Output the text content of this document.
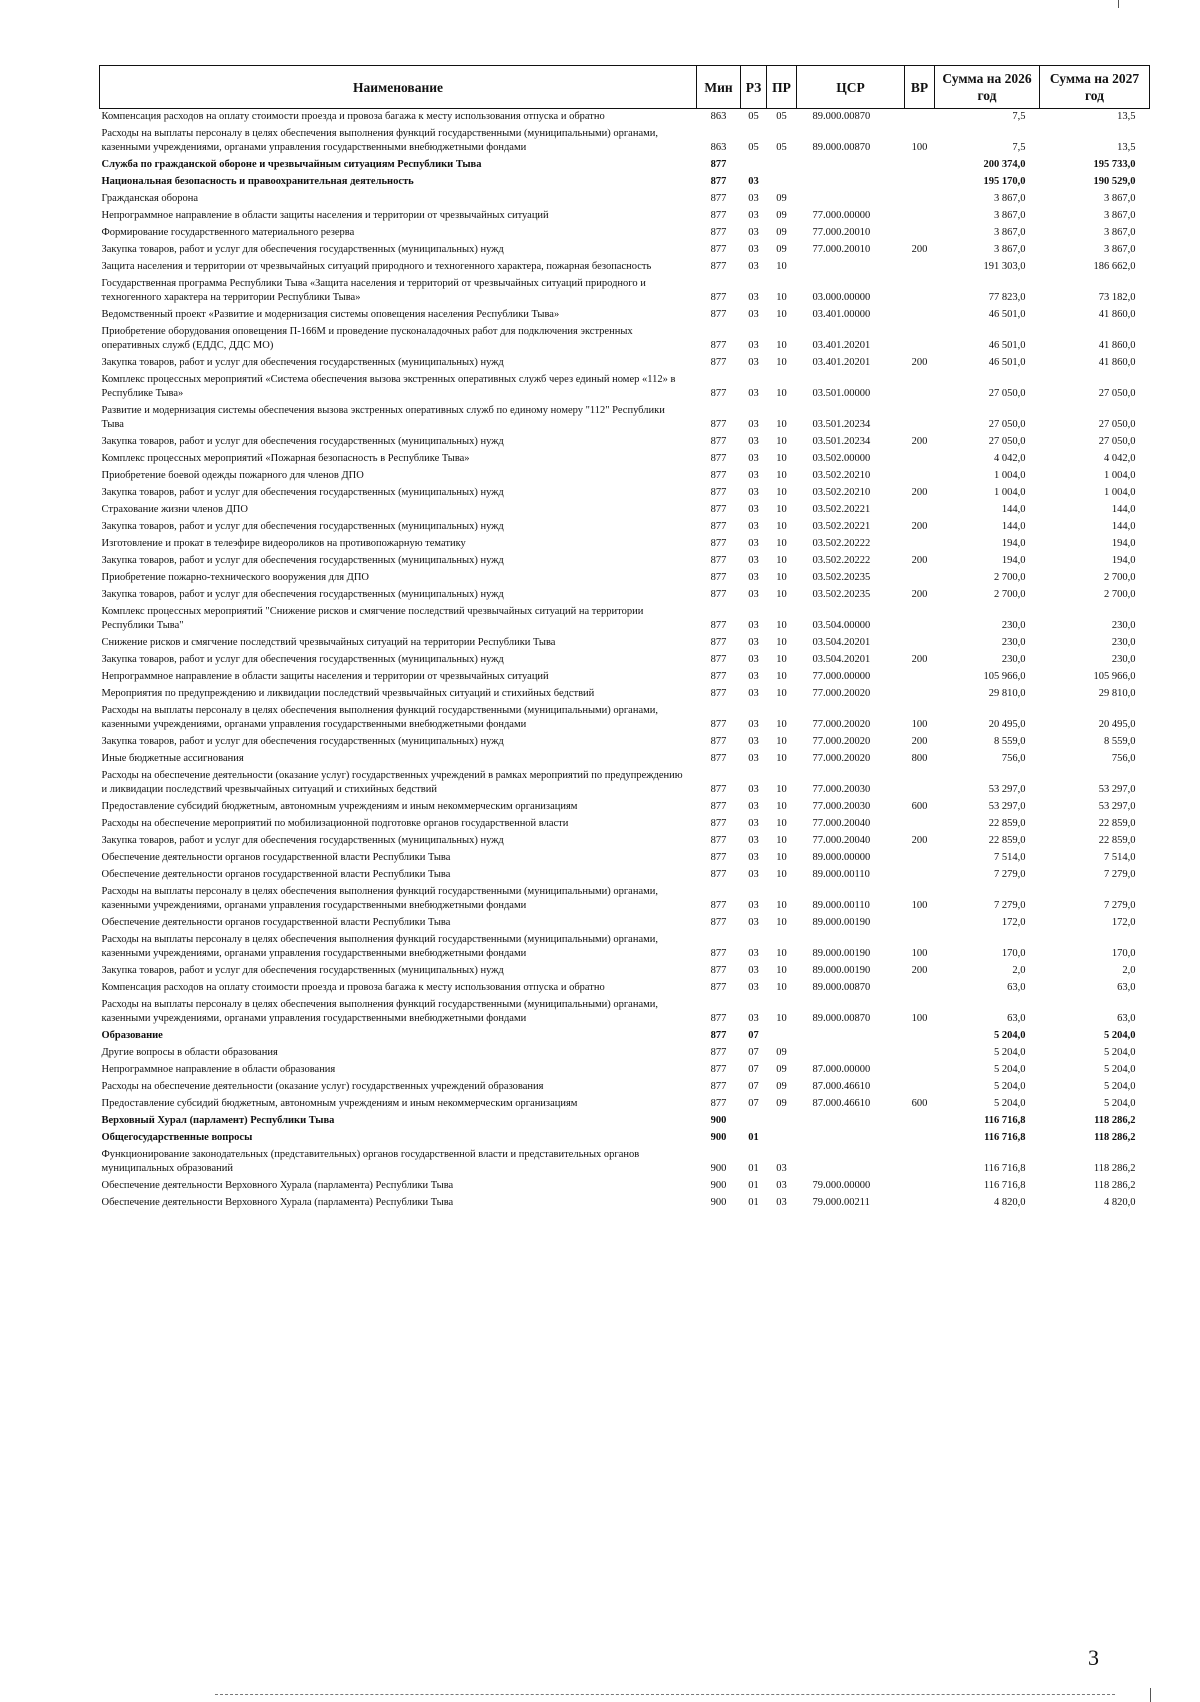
Наименование	Мин	РЗ	ПР	ЦСР	ВР	Сумма на 2026 год	Сумма на 2027 год
Компенсация расходов на оплату стоимости проезда и провоза багажа к месту использования отпуска и обратно	863	05	05	89.000.00870		7,5	13,5
Расходы на выплаты персоналу в целях обеспечения выполнения функций государственными (муниципальными) органами, казенными учреждениями, органами управления государственными внебюджетными фондами	863	05	05	89.000.00870	100	7,5	13,5
Служба по гражданской обороне и чрезвычайным ситуациям Республики Тыва	877					200 374,0	195 733,0
Национальная безопасность и правоохранительная деятельность	877	03				195 170,0	190 529,0
Гражданская оборона	877	03	09			3 867,0	3 867,0
Непрограммное направление в области защиты населения и территории от чрезвычайных ситуаций	877	03	09	77.000.00000		3 867,0	3 867,0
Формирование государственного материального резерва	877	03	09	77.000.20010		3 867,0	3 867,0
Закупка товаров, работ и услуг для обеспечения государственных (муниципальных) нужд	877	03	09	77.000.20010	200	3 867,0	3 867,0
Защита населения и территории от чрезвычайных ситуаций природного и техногенного характера, пожарная безопасность	877	03	10			191 303,0	186 662,0
Государственная программа Республики Тыва «Защита населения и территорий от чрезвычайных ситуаций природного и техногенного характера на территории Республики Тыва»	877	03	10	03.000.00000		77 823,0	73 182,0
Ведомственный проект «Развитие и модернизация системы оповещения населения Республики Тыва»	877	03	10	03.401.00000		46 501,0	41 860,0
Приобретение оборудования оповещения П-166М и проведение пусконаладочных работ для подключения экстренных оперативных служб (ЕДДС, ДДС МО)	877	03	10	03.401.20201		46 501,0	41 860,0
Закупка товаров, работ и услуг для обеспечения государственных (муниципальных) нужд	877	03	10	03.401.20201	200	46 501,0	41 860,0
Комплекс процессных мероприятий «Система обеспечения вызова экстренных оперативных служб через единый номер «112» в Республике Тыва»	877	03	10	03.501.00000		27 050,0	27 050,0
Развитие и модернизация системы обеспечения вызова экстренных оперативных служб по единому номеру "112" Республики Тыва	877	03	10	03.501.20234		27 050,0	27 050,0
Закупка товаров, работ и услуг для обеспечения государственных (муниципальных) нужд	877	03	10	03.501.20234	200	27 050,0	27 050,0
Комплекс процессных мероприятий «Пожарная безопасность в Республике Тыва»	877	03	10	03.502.00000		4 042,0	4 042,0
Приобретение боевой одежды пожарного для членов ДПО	877	03	10	03.502.20210		1 004,0	1 004,0
Закупка товаров, работ и услуг для обеспечения государственных (муниципальных) нужд	877	03	10	03.502.20210	200	1 004,0	1 004,0
Страхование жизни членов ДПО	877	03	10	03.502.20221		144,0	144,0
Закупка товаров, работ и услуг для обеспечения государственных (муниципальных) нужд	877	03	10	03.502.20221	200	144,0	144,0
Изготовление и прокат в телеэфире видеороликов на противопожарную тематику	877	03	10	03.502.20222		194,0	194,0
Закупка товаров, работ и услуг для обеспечения государственных (муниципальных) нужд	877	03	10	03.502.20222	200	194,0	194,0
Приобретение пожарно-технического вооружения для ДПО	877	03	10	03.502.20235		2 700,0	2 700,0
Закупка товаров, работ и услуг для обеспечения государственных (муниципальных) нужд	877	03	10	03.502.20235	200	2 700,0	2 700,0
Комплекс процессных мероприятий "Снижение рисков и смягчение последствий чрезвычайных ситуаций на территории Республики Тыва"	877	03	10	03.504.00000		230,0	230,0
Снижение рисков и смягчение последствий чрезвычайных ситуаций на территории Республики Тыва	877	03	10	03.504.20201		230,0	230,0
Закупка товаров, работ и услуг для обеспечения государственных (муниципальных) нужд	877	03	10	03.504.20201	200	230,0	230,0
Непрограммное направление в области защиты населения и территории от чрезвычайных ситуаций	877	03	10	77.000.00000		105 966,0	105 966,0
Мероприятия по предупреждению и ликвидации последствий чрезвычайных ситуаций и стихийных бедствий	877	03	10	77.000.20020		29 810,0	29 810,0
Расходы на выплаты персоналу в целях обеспечения выполнения функций государственными (муниципальными) органами, казенными учреждениями, органами управления государственными внебюджетными фондами	877	03	10	77.000.20020	100	20 495,0	20 495,0
Закупка товаров, работ и услуг для обеспечения государственных (муниципальных) нужд	877	03	10	77.000.20020	200	8 559,0	8 559,0
Иные бюджетные ассигнования	877	03	10	77.000.20020	800	756,0	756,0
Расходы на обеспечение деятельности (оказание услуг) государственных учреждений в рамках мероприятий по предупреждению и ликвидации последствий чрезвычайных ситуаций и стихийных бедствий	877	03	10	77.000.20030		53 297,0	53 297,0
Предоставление субсидий бюджетным, автономным учреждениям и иным некоммерческим организациям	877	03	10	77.000.20030	600	53 297,0	53 297,0
Расходы на обеспечение мероприятий по мобилизационной подготовке органов государственной власти	877	03	10	77.000.20040		22 859,0	22 859,0
Закупка товаров, работ и услуг для обеспечения государственных (муниципальных) нужд	877	03	10	77.000.20040	200	22 859,0	22 859,0
Обеспечение деятельности органов государственной власти Республики Тыва	877	03	10	89.000.00000		7 514,0	7 514,0
Обеспечение деятельности органов государственной власти Республики Тыва	877	03	10	89.000.00110		7 279,0	7 279,0
Расходы на выплаты персоналу в целях обеспечения выполнения функций государственными (муниципальными) органами, казенными учреждениями, органами управления государственными внебюджетными фондами	877	03	10	89.000.00110	100	7 279,0	7 279,0
Обеспечение деятельности органов государственной власти Республики Тыва	877	03	10	89.000.00190		172,0	172,0
Расходы на выплаты персоналу в целях обеспечения выполнения функций государственными (муниципальными) органами, казенными учреждениями, органами управления государственными внебюджетными фондами	877	03	10	89.000.00190	100	170,0	170,0
Закупка товаров, работ и услуг для обеспечения государственных (муниципальных) нужд	877	03	10	89.000.00190	200	2,0	2,0
Компенсация расходов на оплату стоимости проезда и провоза багажа к месту использования отпуска и обратно	877	03	10	89.000.00870		63,0	63,0
Расходы на выплаты персоналу в целях обеспечения выполнения функций государственными (муниципальными) органами, казенными учреждениями, органами управления государственными внебюджетными фондами	877	03	10	89.000.00870	100	63,0	63,0
Образование	877	07				5 204,0	5 204,0
Другие вопросы в области образования	877	07	09			5 204,0	5 204,0
Непрограммное направление в области образования	877	07	09	87.000.00000		5 204,0	5 204,0
Расходы на обеспечение деятельности (оказание услуг) государственных учреждений образования	877	07	09	87.000.46610		5 204,0	5 204,0
Предоставление субсидий бюджетным, автономным учреждениям и иным некоммерческим организациям	877	07	09	87.000.46610	600	5 204,0	5 204,0
Верховный Хурал (парламент) Республики Тыва	900					116 716,8	118 286,2
Общегосударственные вопросы	900	01				116 716,8	118 286,2
Функционирование законодательных (представительных) органов государственной власти и представительных органов муниципальных образований	900	01	03			116 716,8	118 286,2
Обеспечение деятельности Верховного Хурала (парламента) Республики Тыва	900	01	03	79.000.00000		116 716,8	118 286,2
Обеспечение деятельности Верховного Хурала (парламента) Республики Тыва	900	01	03	79.000.00211		4 820,0	4 820,0
3
